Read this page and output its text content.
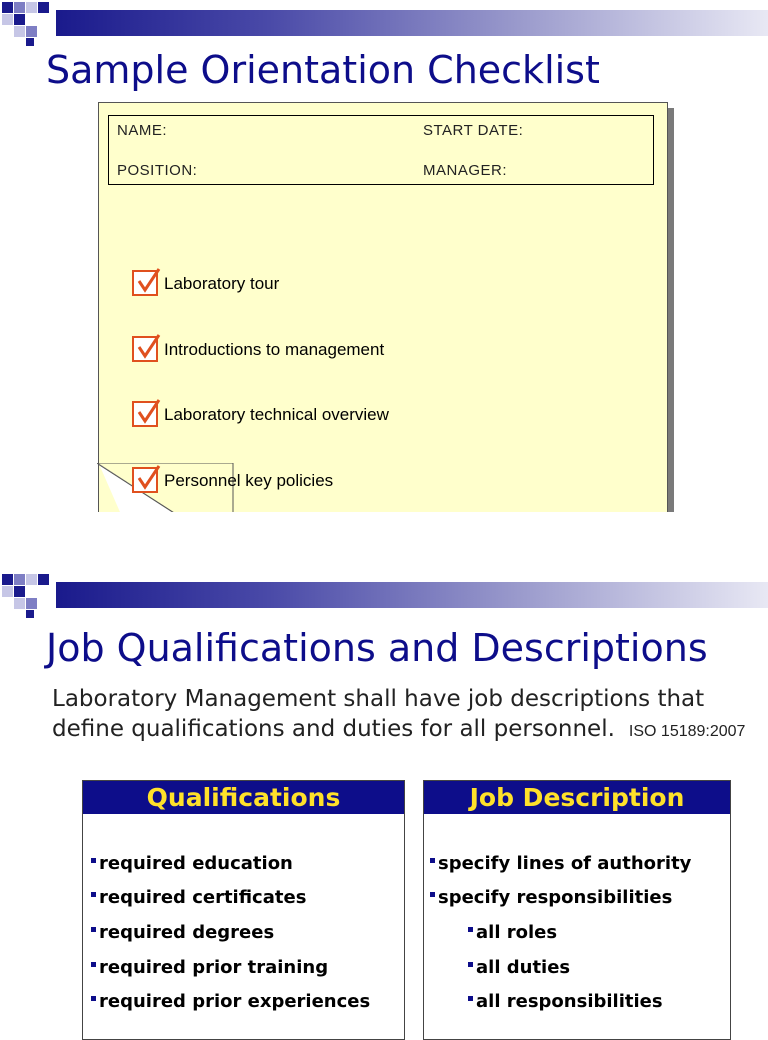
Sample Orientation Checklist
NAME:	START DATE:
POSITION:	MANAGER:
Laboratory tour
Introductions to management
Laboratory technical overview
Personnel key policies
Job Qualifications and Descriptions
Laboratory Management shall have job descriptions that define qualifications and duties for all personnel. ISO 15189:2007
Qualifications
required education
required certificates
required degrees
required prior training
required prior experiences
Job Description
specify lines of authority
specify responsibilities
all roles
all duties
all responsibilities
